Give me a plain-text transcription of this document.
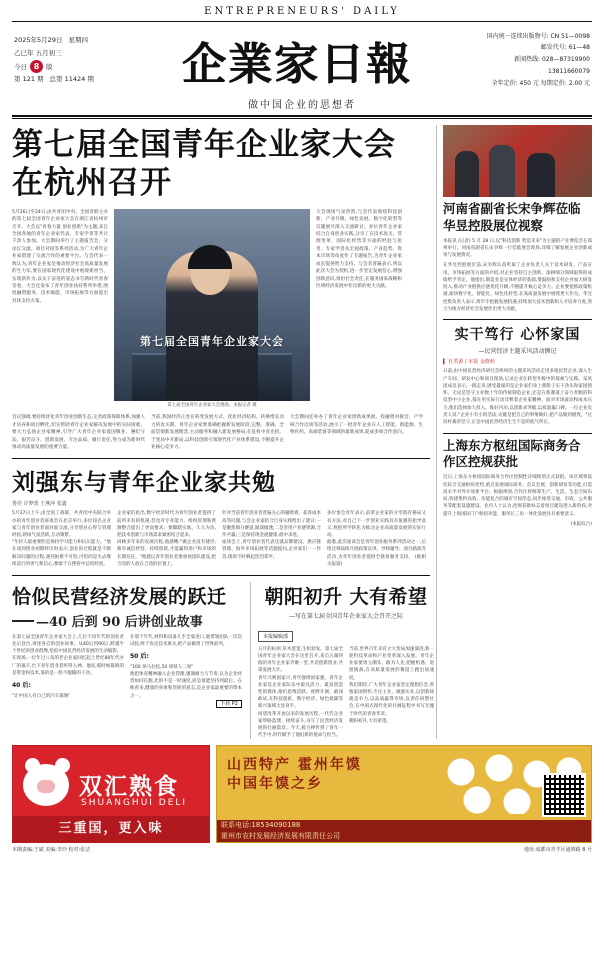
ENTREPRENEURS' DAILY
2025年5月29日 星期四
乙巳年 五月初三
今日 8	版
第 121 期 总第 11424 期	企業家日報
国内统一连续出版物号: CN 51—0098
邮发代号: 61—48
新闻热线: 028—87319900
13811660079
全年定价: 450 元 每期定价: 2.00 元
做中国企业的思想者
第七届全国青年企业家大会
在杭州召开
5月26日至24日,由共青团中央、全国青联主办的第七届全国青年企业家大会在浙江省杭州市召开。大会以"青春力量 创业创新"为主题,来自全国各地的青年企业家代表、专家学者等共计千余人参加。大会期间举行了主题报告会、分论坛交流、项目对接等系列活动,为广大青年企业家搭建了交流合作的重要平台。与会代表一致认为,青年企业家是推动经济社会高质量发展的生力军,要在国家现代化建设中展现新担当、实现新作为,以实干奋进的姿态书写新时代青春答卷。大会还发布了青年创业扶持系列举措,围绕融资服务、技术赋能、市场拓展等方面提出具体支持方案。
第七届全国青年企业家大会
第七届全国青年企业家大会现场。本报记者 摄
大会现场气氛热烈,与会代表围绕科技创新、产业升级、绿色发展、数字化转型等议题展开深入交流研讨。多位青年企业家结合自身创业实践,分享了在技术攻关、管理变革、国际化经营等方面的经验与思考。专家学者从宏观政策、产业趋势、资本市场等角度作了专题报告,为青年企业家成长提供智力支持。与会者普遍表示,将以此次大会为契机,进一步坚定发展信心,增强创新意识,勇担社会责任,在服务国家战略和区域经济发展中作出新的更大贡献。
会议强调,要持续优化青年创业创新生态,完善政策保障体系,加强人才培养和项目孵化,切实帮助青年企业家解决发展中的实际困难。要大力弘扬企业家精神,引导广大青年企业家爱国敬业、遵纪守法、艰苦奋斗、创新发展、专注品质、履行责任,努力成为新时代推动高质量发展的重要力量。
当前,我国经济正处在转变发展方式、优化经济结构、转换增长动力的攻关期。青年企业家要准确把握新发展阶段,完整、准确、全面贯彻新发展理念,主动服务和融入新发展格局,在危机中育先机、于变局中开新局,以科技创新引领现代化产业体系建设,不断提升企业核心竞争力。
大会期间还举办了青年企业家创新成果展、投融资对接会、产学研合作洽谈等活动,展示了一批青年企业在人工智能、新能源、生物医药、高端装备等领域的最新成果,促成多项合作意向。
刘强东与青年企业家共勉
鲁佳 许梦蕾 王燕萍 张鑫
5月27日上午,由全国工商联、共青团中央联合举办的青年创业者座谈会在北京举行,多位知名企业家与青年创业者面对面交流,分享创业心得与管理经验,现场气氛活跃,互动频繁。
"年轻人最重要的是保持学习能力和抗压能力。"他在谈到创业初期经历时表示,创业的过程就是不断解决问题的过程,遇到困难不可怕,可怕的是失去继续前行的勇气和信心,要敢于在挫折中总结经验。
企业家们指出,数字经济时代为青年创业者提供了前所未有的机遇,但也对专业能力、组织管理和资源整合提出了更高要求。要脚踏实地、久久为功,把技术创新与市场需求紧密结合起来。
回顾多年来的发展历程,他感慨:"做企业没有捷径,唯有诚信经营、持续创新,才能赢得用户和市场的长期信任。"他建议青年创业者要重视团队建设,把合适的人放在合适的位置上。
针对当前青年创业者普遍关心的融资难、获客成本高等问题,与会企业家结合自身实践给出了建议:一是聚焦细分赛道,做深做透;二是善用产业链资源,合作共赢;三是保持现金流健康,稳中求进。
座谈会上,青年创业者代表还就品牌建设、供应链管理、海外市场拓展等话题提问,企业家们一一作答,现场不时响起热烈掌声。
多位参会青年表示,前辈企业家的分享既有格局又有方法,对自己下一步创业实践具有很强的指导意义,将把所学转化为推动企业高质量发展的实际行动。
据悉,此次座谈会是青年创业服务系列活动之一,后续还将陆续开展政策宣讲、导师辅导、项目路演等活动,为青年创业者提供全链条服务支持。 (据相关报道)
恰似民营经济发展的跃迁
—40 后到 90 后讲创业故事
在第七届全国青年企业家大会上,几位不同年代的创业者先后登台,讲述各自的创业故事。从40后到90后,跨越半个世纪的创业群像,恰似中国民营经济发展的生动缩影。
在现场,一位年过八旬的老企业家回忆起上世纪80年代办厂的艰辛,台下青年创业者听得入神。他说,那时候最缺的是资金和技术,靠的是一股不服输的干劲。
40 后:
"让中国人有自己的汽车玻璃"
在那个年代,材料和设备几乎全靠进口,他带领团队一次次试验,终于攻克技术难关,把产品做到了世界前列。
50 后:
"100 场马拉松,50 场铁人三项"
他把体育精神融入企业管理,强调耐力与节奏,认为企业经营如同长跑,比的不是一时速度,而是谁能坚持到最后。在他看来,健康的身体和坚韧的意志,是企业家最重要的资本之一。
下转 P2
朝阳初升 大有希望
—写在第七届全国青年企业家大会召开之际
本报编辑部
五月的杭州,草木葱茏,生机勃发。第七届全国青年企业家大会在这里召开,来自五湖四海的青年企业家齐聚一堂,共话创新创业,共谋发展大计。
青年兴则国家兴,青年强则国家强。青年企业家是企业家队伍中最具活力、最富创造性的群体,他们思维活跃、视野开阔、敢闯敢试,在科技创新、数字经济、绿色低碳等新兴领域大显身手。
回望改革开放以来的发展历程,一代代企业家筚路蓝缕、接续奋斗,书写了民营经济发展的壮丽篇章。今天,接力棒传到了青年一代手中,时代赋予了他们新的使命与担当。
当前,世界百年未有之大变局加速演进,新一轮科技革命和产业变革深入发展。青年企业家要勇立潮头、敢为人先,把握机遇、迎接挑战,在高质量发展的赛道上跑出加速度。
我们期待,广大青年企业家坚定理想信念,厚植家国情怀,专注主业、做强实业,以创新铸就竞争力,以品质赢得市场,以责任回馈社会,在中国式现代化的壮阔征程中书写无愧于时代的青春华章。
朝阳初升,大有希望。
河南省副省长宋争辉莅临华昱控股展位视察
本报讯 (记者) 5 月 28 日,以"科技创新 智造未来"为主题的产业博览会在郑州举行。河南省副省长宋争辉一行莅临展会现场,详细了解参展企业创新成果与发展情况。
在华昱控股展位前,宋争辉认真听取了企业负责人关于技术研发、产品应用、市场拓展等方面的介绍,对企业坚持自主创新、深耕细分领域取得的成绩给予肯定。他指出,制造业是实体经济的基础,要鼓励和支持企业加大研发投入,推动产业链供应链优化升级,不断提升核心竞争力。企业要抢抓政策机遇,加快数字化、智能化、绿色化转型,在高质量发展中展现更大作为。华昱控股负责人表示,将牢牢把握发展机遇,持续加大技术创新和人才培养力度,努力为地方经济社会发展作出更大贡献。
实干笃行 心怀家国
—民营经济主题采风活动侧记
▍ 杜笑源 / 本报 金晓莉
日前,由中国民营经济研究会组织的主题采风活动走进多地民营企业,深入生产车间、研发中心和项目现场,记录企业在转型升级中的探索与实践。采风团成员表示,一路走来,感受最深的是企业家们身上那股子实干劲头和家国情怀。无论是坚守主业数十年的传统制造企业,还是在新赛道上奋力奔跑的科技型中小企业,都在用实际行动诠释着企业家精神。面对市场波动和成本压力,他们选择加大投入、练好内功,以创新求突破,以质量赢口碑。一位企业负责人说:"企业小有小的活法,关键是把自己的事情做好,把产品做到极致。"这份朴素的坚守,正是中国民营经济生生不息的底气所在。
上海东方枢纽国际商务合作区控规获批
近日,上海东方枢纽国际商务合作区控制性详细规划正式获批。该区域将依托综合交通枢纽优势,重点发展国际商务、会议会展、创新研发等功能,打造高水平对外开放新平台。根据规划,合作区将统筹生产、生活、生态空间布局,构建集约高效、功能复合的城市空间形态,同步推进交通、市政、公共服务等配套设施建设。业内人士认为,控规获批标志着项目建设进入新阶段,对提升上海国际门户枢纽功能、服务长三角一体化发展具有重要意义。
(本报综合)
双汇熟食
SHUANGHUI DELI
三重国，更入味
山西特产 霍州年馍
中国年馍之乡
联系电话:18534090188
霍州市农村发展经济发展有限责任公司
本期责编:王斌 美编:李玲 校对:张洁	地址:成都市青羊区通锦路 8 号
